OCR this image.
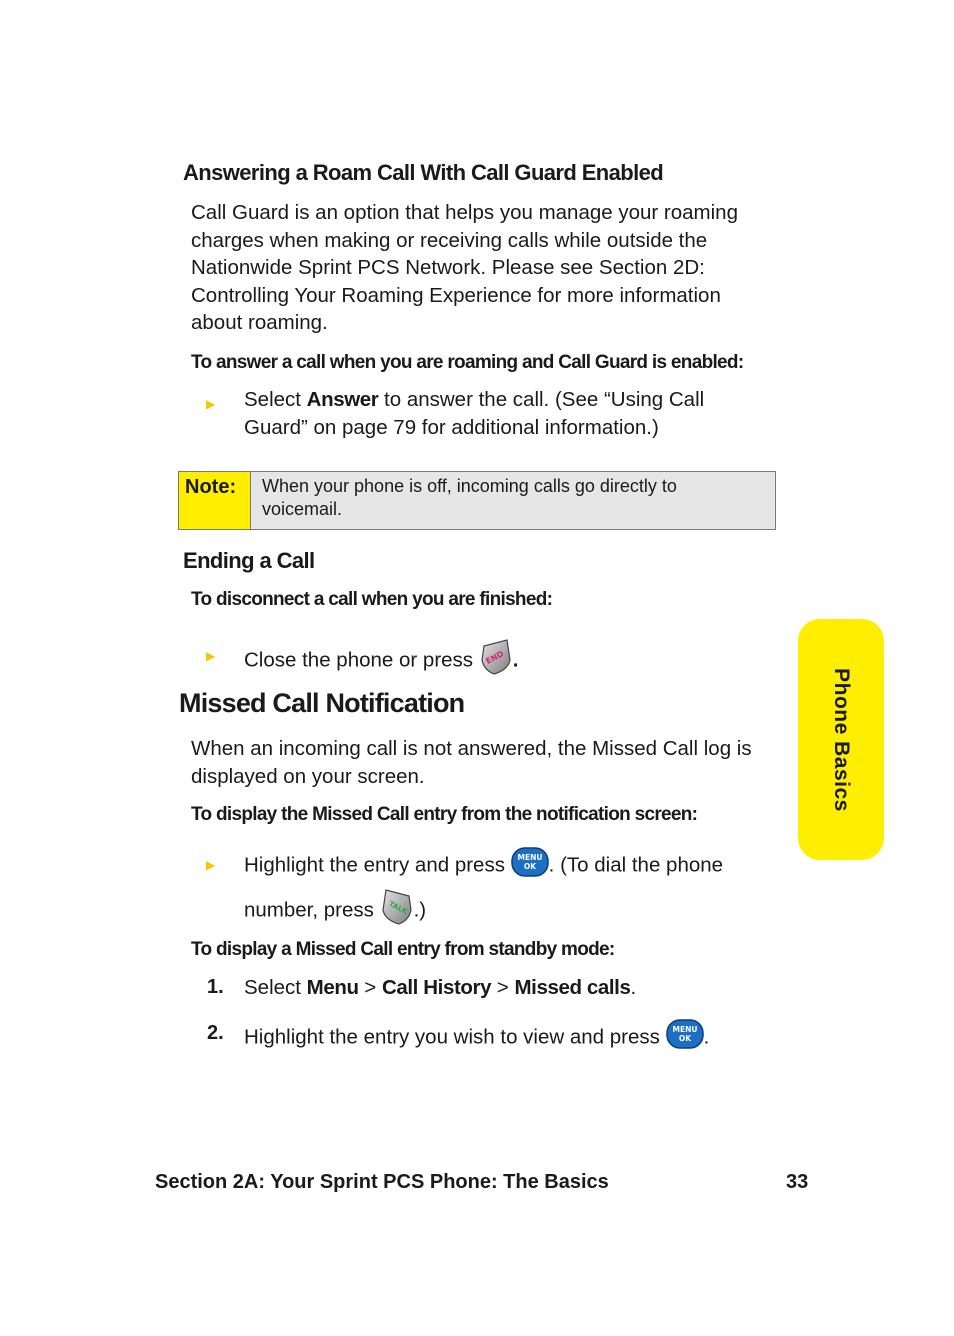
Answering a Roam Call With Call Guard Enabled
Call Guard is an option that helps you manage your roaming
charges when making or receiving calls while outside the
Nationwide Sprint PCS Network. Please see Section 2D:
Controlling Your Roaming Experience for more information
about roaming.
To answer a call when you are roaming and Call Guard is enabled:
▶ Select Answer to answer the call. (See “Using Call
Guard” on page 79 for additional information.)
Note:	When your phone is off, incoming calls go directly to
voicemail.
Ending a Call
To disconnect a call when you are finished:
▶ Close the phone or press END .
Missed Call Notification
When an incoming call is not answered, the Missed Call log is
displayed on your screen.
To display the Missed Call entry from the notification screen:
▶ Highlight the entry and press MENU
OK . (To dial the phone
number, press TALK .)
To display a Missed Call entry from standby mode:
1. Select Menu > Call History > Missed calls.
2. Highlight the entry you wish to view and press MENU
OK .
Phone Basics
Section 2A: Your Sprint PCS Phone: The Basics	33
